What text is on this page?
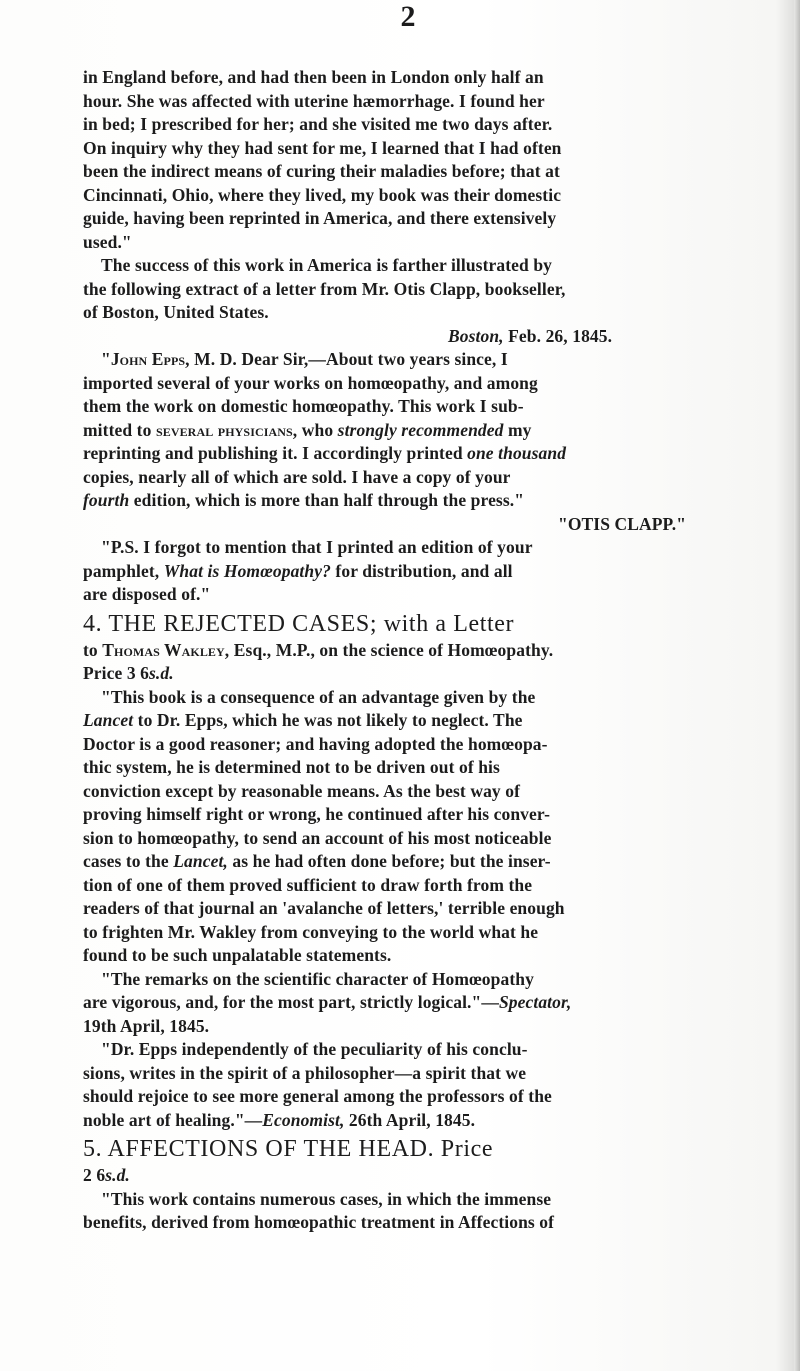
2
in England before, and had then been in London only half an
hour. She was affected with uterine hæmorrhage. I found her
in bed; I prescribed for her; and she visited me two days after.
On inquiry why they had sent for me, I learned that I had often
been the indirect means of curing their maladies before; that at
Cincinnati, Ohio, where they lived, my book was their domestic
guide, having been reprinted in America, and there extensively
used."
The success of this work in America is farther illustrated by
the following extract of a letter from Mr. Otis Clapp, bookseller,
of Boston, United States.
Boston, Feb. 26, 1845.
"John Epps, M. D. Dear Sir,—About two years since, I
imported several of your works on homœopathy, and among
them the work on domestic homœopathy. This work I sub-
mitted to several physicians, who strongly recommended my
reprinting and publishing it. I accordingly printed one thousand
copies, nearly all of which are sold. I have a copy of your
fourth edition, which is more than half through the press."
"OTIS CLAPP."
"P.S. I forgot to mention that I printed an edition of your
pamphlet, What is Homœopathy? for distribution, and all
are disposed of."
4. THE REJECTED CASES; with a Letter
to Thomas Wakley, Esq., M.P., on the science of Homœopathy.
Price 3 6s.d.
"This book is a consequence of an advantage given by the
Lancet to Dr. Epps, which he was not likely to neglect. The
Doctor is a good reasoner; and having adopted the homœopa-
thic system, he is determined not to be driven out of his
conviction except by reasonable means. As the best way of
proving himself right or wrong, he continued after his conver-
sion to homœopathy, to send an account of his most noticeable
cases to the Lancet, as he had often done before; but the inser-
tion of one of them proved sufficient to draw forth from the
readers of that journal an 'avalanche of letters,' terrible enough
to frighten Mr. Wakley from conveying to the world what he
found to be such unpalatable statements.
"The remarks on the scientific character of Homœopathy
are vigorous, and, for the most part, strictly logical."—Spectator,
19th April, 1845.
"Dr. Epps independently of the peculiarity of his conclu-
sions, writes in the spirit of a philosopher—a spirit that we
should rejoice to see more general among the professors of the
noble art of healing."—Economist, 26th April, 1845.
5. AFFECTIONS OF THE HEAD. Price
2 6s.d.
"This work contains numerous cases, in which the immense
benefits, derived from homœopathic treatment in Affections of
